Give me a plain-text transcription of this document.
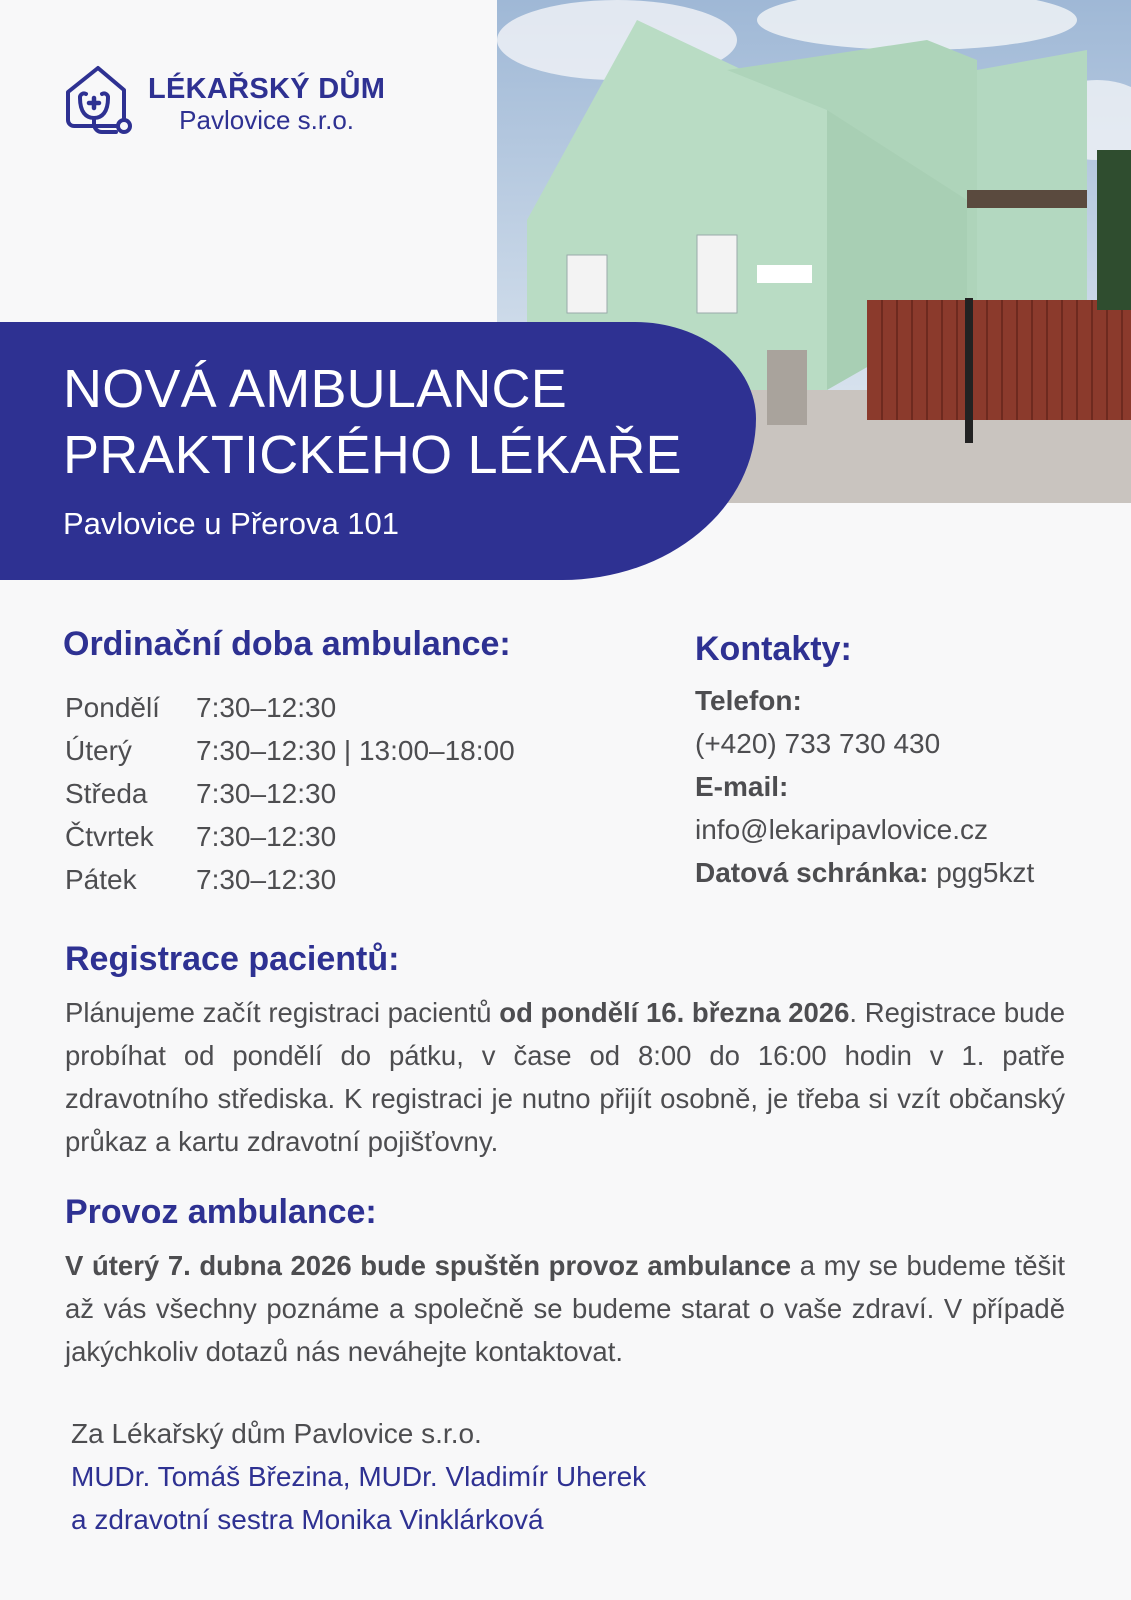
LÉKAŘSKÝ DŮM
Pavlovice s.r.o.
NOVÁ AMBULANCE
PRAKTICKÉHO LÉKAŘE
Pavlovice u Přerova 101
Ordinační doba ambulance:
Pondělí	7:30–12:30
Úterý	7:30–12:30 | 13:00–18:00
Středa	7:30–12:30
Čtvrtek	7:30–12:30
Pátek	7:30–12:30
Kontakty:
Telefon:
(+420) 733 730 430
E-mail:
info@lekaripavlovice.cz
Datová schránka: pgg5kzt
Registrace pacientů:

Plánujeme začít registraci pacientů od pondělí 16. března 2026. Registrace bude probíhat od pondělí do pátku, v čase od 8:00 do 16:00 hodin v 1. patře zdravotního střediska. K registraci je nutno přijít osobně, je třeba si vzít občanský průkaz a kartu zdravotní pojišťovny.

Provoz ambulance:

V úterý 7. dubna 2026 bude spuštěn provoz ambulance a my se budeme těšit až vás všechny poznáme a společně se budeme starat o vaše zdraví. V případě jakýchkoliv dotazů nás neváhejte kontaktovat.

Za Lékařský dům Pavlovice s.r.o.
MUDr. Tomáš Březina, MUDr. Vladimír Uherek
a zdravotní sestra Monika Vinklárková
